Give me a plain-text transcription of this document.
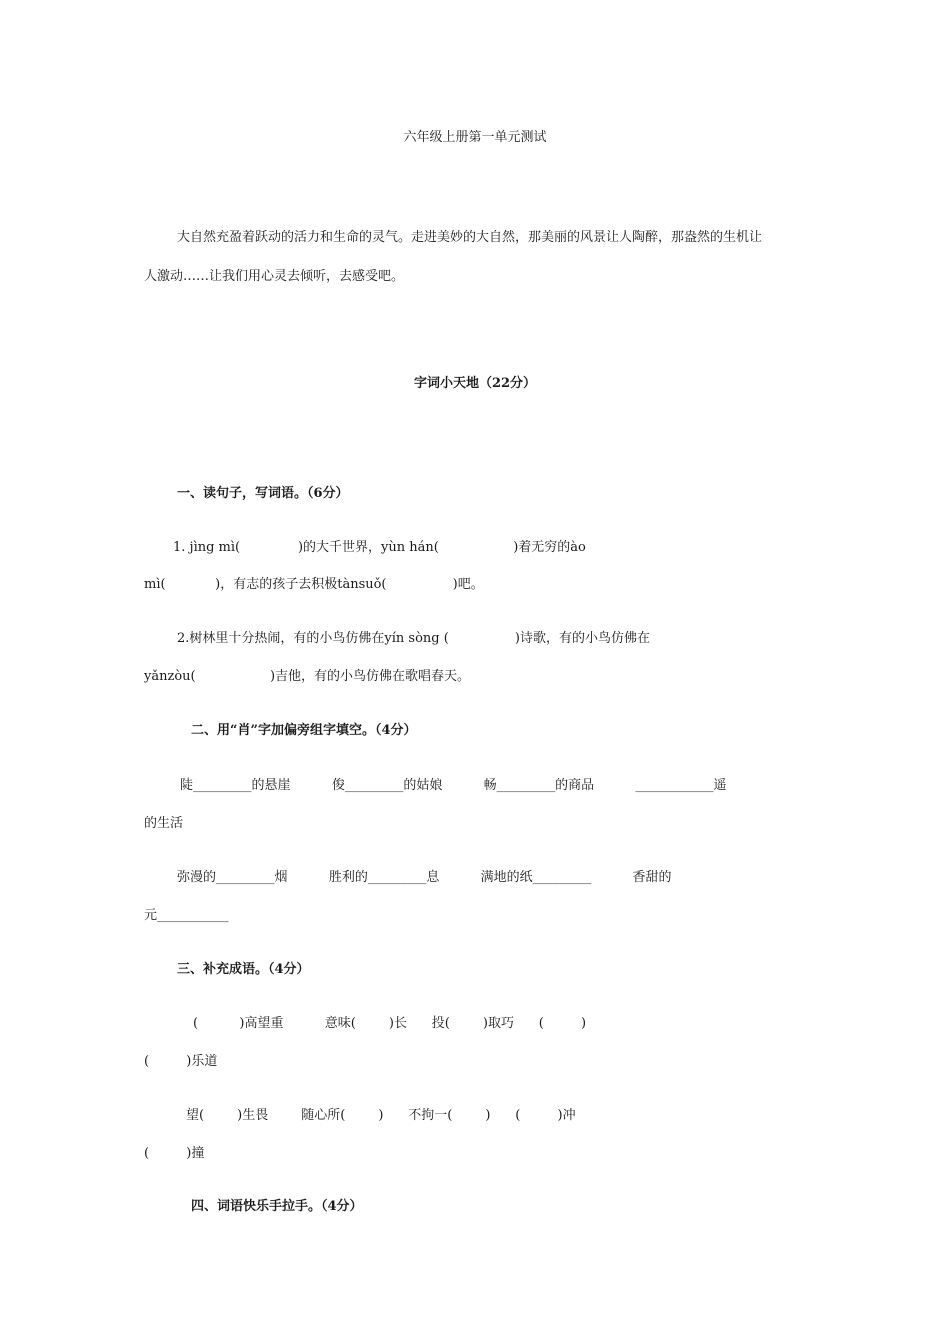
六年级上册第一单元测试
大自然充盈着跃动的活力和生命的灵气。走进美妙的大自然，那美丽的风景让人陶醉，那盎然的生机让
人激动……让我们用心灵去倾听，去感受吧。
字词小天地（22分）
一、读句子，写词语。（6分）
1. jìng mì(              )的大千世界，yùn hán(                  )着无穷的ào
mì(            )，有志的孩子去积极tànsuǒ(                )吧。
2.树林里十分热闹，有的小鸟仿佛在yín sòng (                )诗歌，有的小鸟仿佛在
yǎnzòu(                  )吉他，有的小鸟仿佛在歌唱春天。
二、用“肖”字加偏旁组字填空。（4分）
陡_________的悬崖          俊_________的姑娘          畅_________的商品          ____________遥
的生活
弥漫的_________烟          胜利的_________息          满地的纸_________          香甜的
元___________
三、补充成语。（4分）
(          )高望重          意味(        )长      投(        )取巧      (         )
(         )乐道
望(        )生畏        随心所(        )      不拘一(        )      (         )冲
(         )撞
四、词语快乐手拉手。（4分）
